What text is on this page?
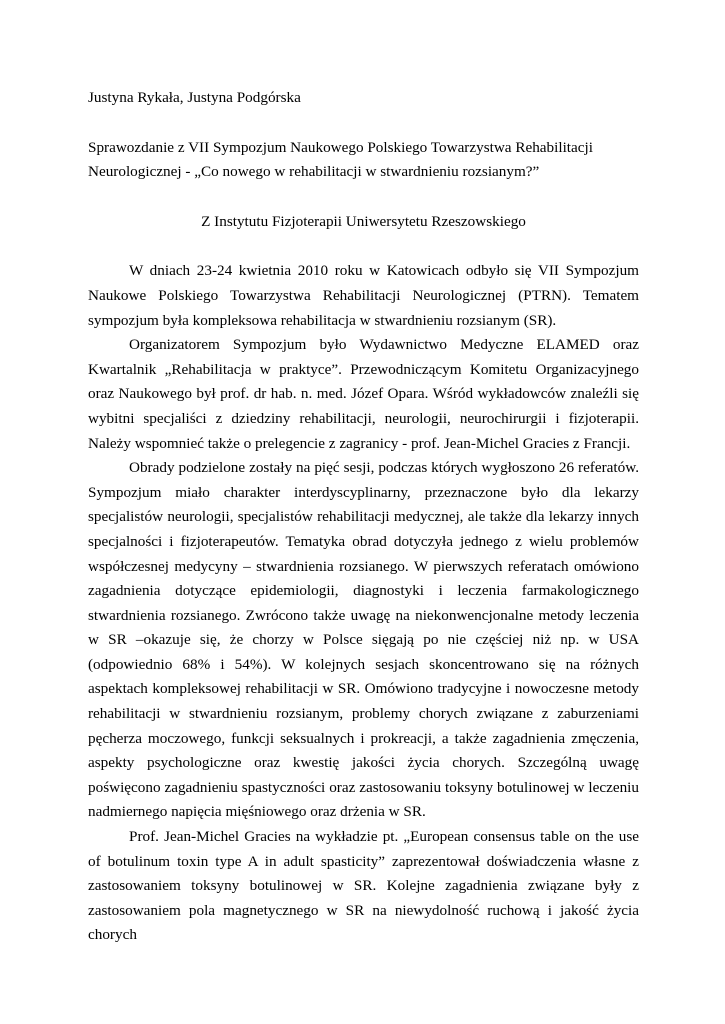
Justyna Rykała, Justyna Podgórska

Sprawozdanie z VII Sympozjum Naukowego Polskiego Towarzystwa Rehabilitacji Neurologicznej - „Co nowego w rehabilitacji w stwardnieniu rozsianym?”

Z Instytutu Fizjoterapii Uniwersytetu Rzeszowskiego

W dniach 23-24 kwietnia 2010 roku w Katowicach odbyło się VII Sympozjum Naukowe Polskiego Towarzystwa Rehabilitacji Neurologicznej (PTRN). Tematem sympozjum była kompleksowa rehabilitacja w stwardnieniu rozsianym (SR).

Organizatorem Sympozjum było Wydawnictwo Medyczne ELAMED oraz Kwartalnik „Rehabilitacja w praktyce”. Przewodniczącym Komitetu Organizacyjnego oraz Naukowego był prof. dr hab. n. med. Józef Opara. Wśród wykładowców znaleźli się wybitni specjaliści z dziedziny rehabilitacji, neurologii, neurochirurgii i fizjoterapii. Należy wspomnieć także o prelegencie z zagranicy - prof. Jean-Michel Gracies z Francji.

Obrady podzielone zostały na pięć sesji, podczas których wygłoszono 26 referatów. Sympozjum miało charakter interdyscyplinarny, przeznaczone było dla lekarzy specjalistów neurologii, specjalistów rehabilitacji medycznej, ale także dla lekarzy innych specjalności i fizjoterapeutów. Tematyka obrad dotyczyła jednego z wielu problemów współczesnej medycyny – stwardnienia rozsianego. W pierwszych referatach omówiono zagadnienia dotyczące epidemiologii, diagnostyki i leczenia farmakologicznego stwardnienia rozsianego. Zwrócono także uwagę na niekonwencjonalne metody leczenia w SR –okazuje się, że chorzy w Polsce sięgają po nie częściej niż np. w USA (odpowiednio 68% i 54%). W kolejnych sesjach skoncentrowano się na różnych aspektach kompleksowej rehabilitacji w SR. Omówiono tradycyjne i nowoczesne metody rehabilitacji w stwardnieniu rozsianym, problemy chorych związane z zaburzeniami pęcherza moczowego, funkcji seksualnych i prokreacji, a także zagadnienia zmęczenia, aspekty psychologiczne oraz kwestię jakości życia chorych. Szczególną uwagę poświęcono zagadnieniu spastyczności oraz zastosowaniu toksyny botulinowej w leczeniu nadmiernego napięcia mięśniowego oraz drżenia w SR.

Prof. Jean-Michel Gracies na wykładzie pt. „European consensus table on the use of botulinum toxin type A in adult spasticity” zaprezentował doświadczenia własne z zastosowaniem toksyny botulinowej w SR. Kolejne zagadnienia związane były z zastosowaniem pola magnetycznego w SR na niewydolność ruchową i jakość życia chorych
